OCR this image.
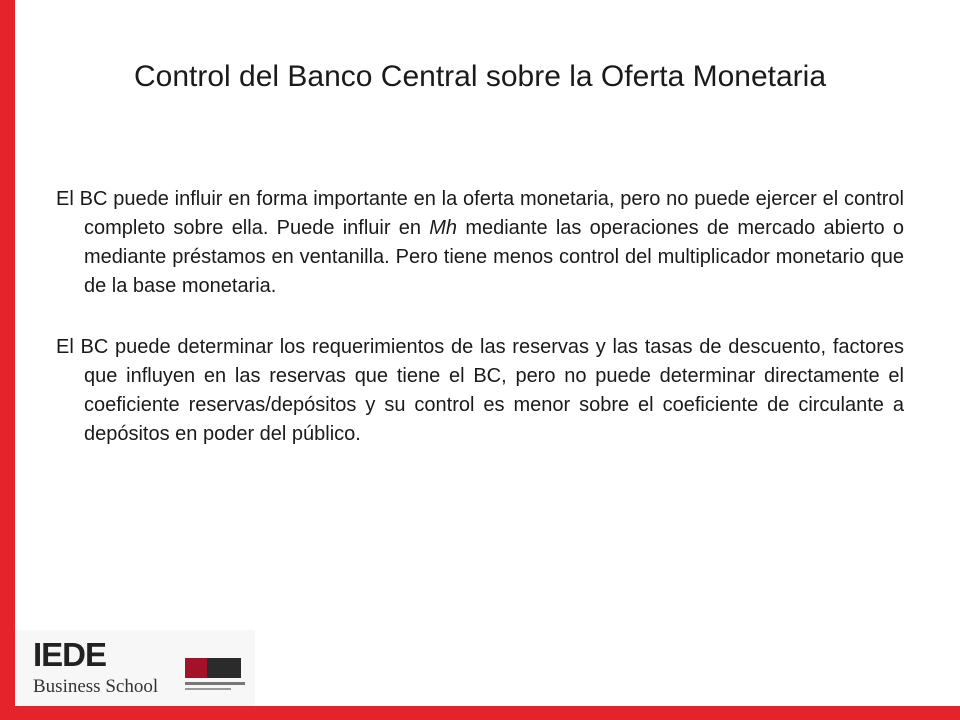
Control del Banco Central sobre la Oferta Monetaria

El BC puede influir en forma importante en la oferta monetaria, pero no puede ejercer el control completo sobre ella. Puede influir en Mh mediante las operaciones de mercado abierto o mediante préstamos en ventanilla. Pero tiene menos control del multiplicador monetario que de la base monetaria.

El BC puede determinar los requerimientos de las reservas y las tasas de descuento, factores que influyen en las reservas que tiene el BC, pero no puede determinar directamente el coeficiente reservas/depósitos y su control es menor sobre el coeficiente de circulante a depósitos en poder del público.

IEDE
Business School
